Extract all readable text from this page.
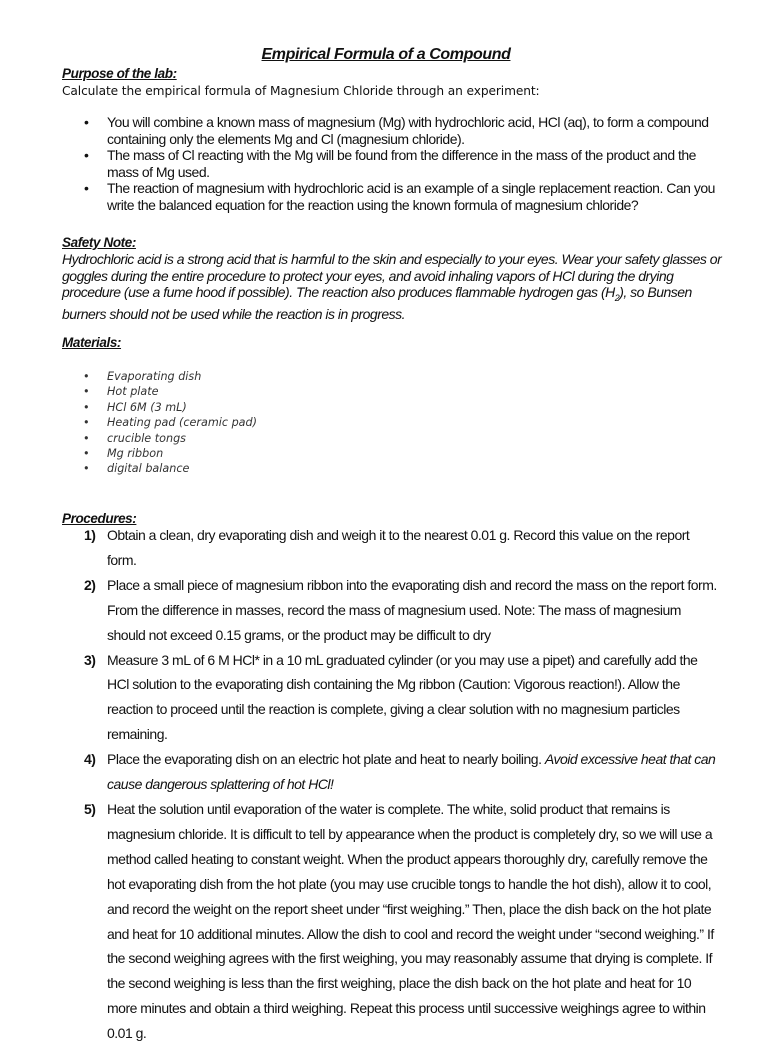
Empirical Formula of a Compound
Purpose of the lab:
Calculate the empirical formula of Magnesium Chloride through an experiment:
• You will combine a known mass of magnesium (Mg) with hydrochloric acid, HCl (aq), to form a compound containing only the elements Mg and Cl (magnesium chloride).
• The mass of Cl reacting with the Mg will be found from the difference in the mass of the product and the mass of Mg used.
• The reaction of magnesium with hydrochloric acid is an example of a single replacement reaction. Can you write the balanced equation for the reaction using the known formula of magnesium chloride?
Safety Note:
Hydrochloric acid is a strong acid that is harmful to the skin and especially to your eyes. Wear your safety glasses or goggles during the entire procedure to protect your eyes, and avoid inhaling vapors of HCl during the drying procedure (use a fume hood if possible). The reaction also produces flammable hydrogen gas $(H_2)$, so Bunsen burners should not be used while the reaction is in progress.
Materials:
• Evaporating dish
• Hot plate
• HCl 6M (3 mL)
• Heating pad (ceramic pad)
• crucible tongs
• Mg ribbon
• digital balance
Procedures:
1) Obtain a clean, dry evaporating dish and weigh it to the nearest 0.01 g. Record this value on the report form.
2) Place a small piece of magnesium ribbon into the evaporating dish and record the mass on the report form. From the difference in masses, record the mass of magnesium used. Note: The mass of magnesium should not exceed 0.15 grams, or the product may be difficult to dry
3) Measure 3 mL of 6 M HCl* in a 10 mL graduated cylinder (or you may use a pipet) and carefully add the HCl solution to the evaporating dish containing the Mg ribbon (Caution: Vigorous reaction!). Allow the reaction to proceed until the reaction is complete, giving a clear solution with no magnesium particles remaining.
4) Place the evaporating dish on an electric hot plate and heat to nearly boiling. Avoid excessive heat that can cause dangerous splattering of hot HCl!
5) Heat the solution until evaporation of the water is complete. The white, solid product that remains is magnesium chloride. It is difficult to tell by appearance when the product is completely dry, so we will use a method called heating to constant weight. When the product appears thoroughly dry, carefully remove the hot evaporating dish from the hot plate (you may use crucible tongs to handle the hot dish), allow it to cool, and record the weight on the report sheet under “first weighing.” Then, place the dish back on the hot plate and heat for 10 additional minutes. Allow the dish to cool and record the weight under “second weighing.” If the second weighing agrees with the first weighing, you may reasonably assume that drying is complete. If the second weighing is less than the first weighing, place the dish back on the hot plate and heat for 10 more minutes and obtain a third weighing. Repeat this process until successive weighings agree to within 0.01 g.
